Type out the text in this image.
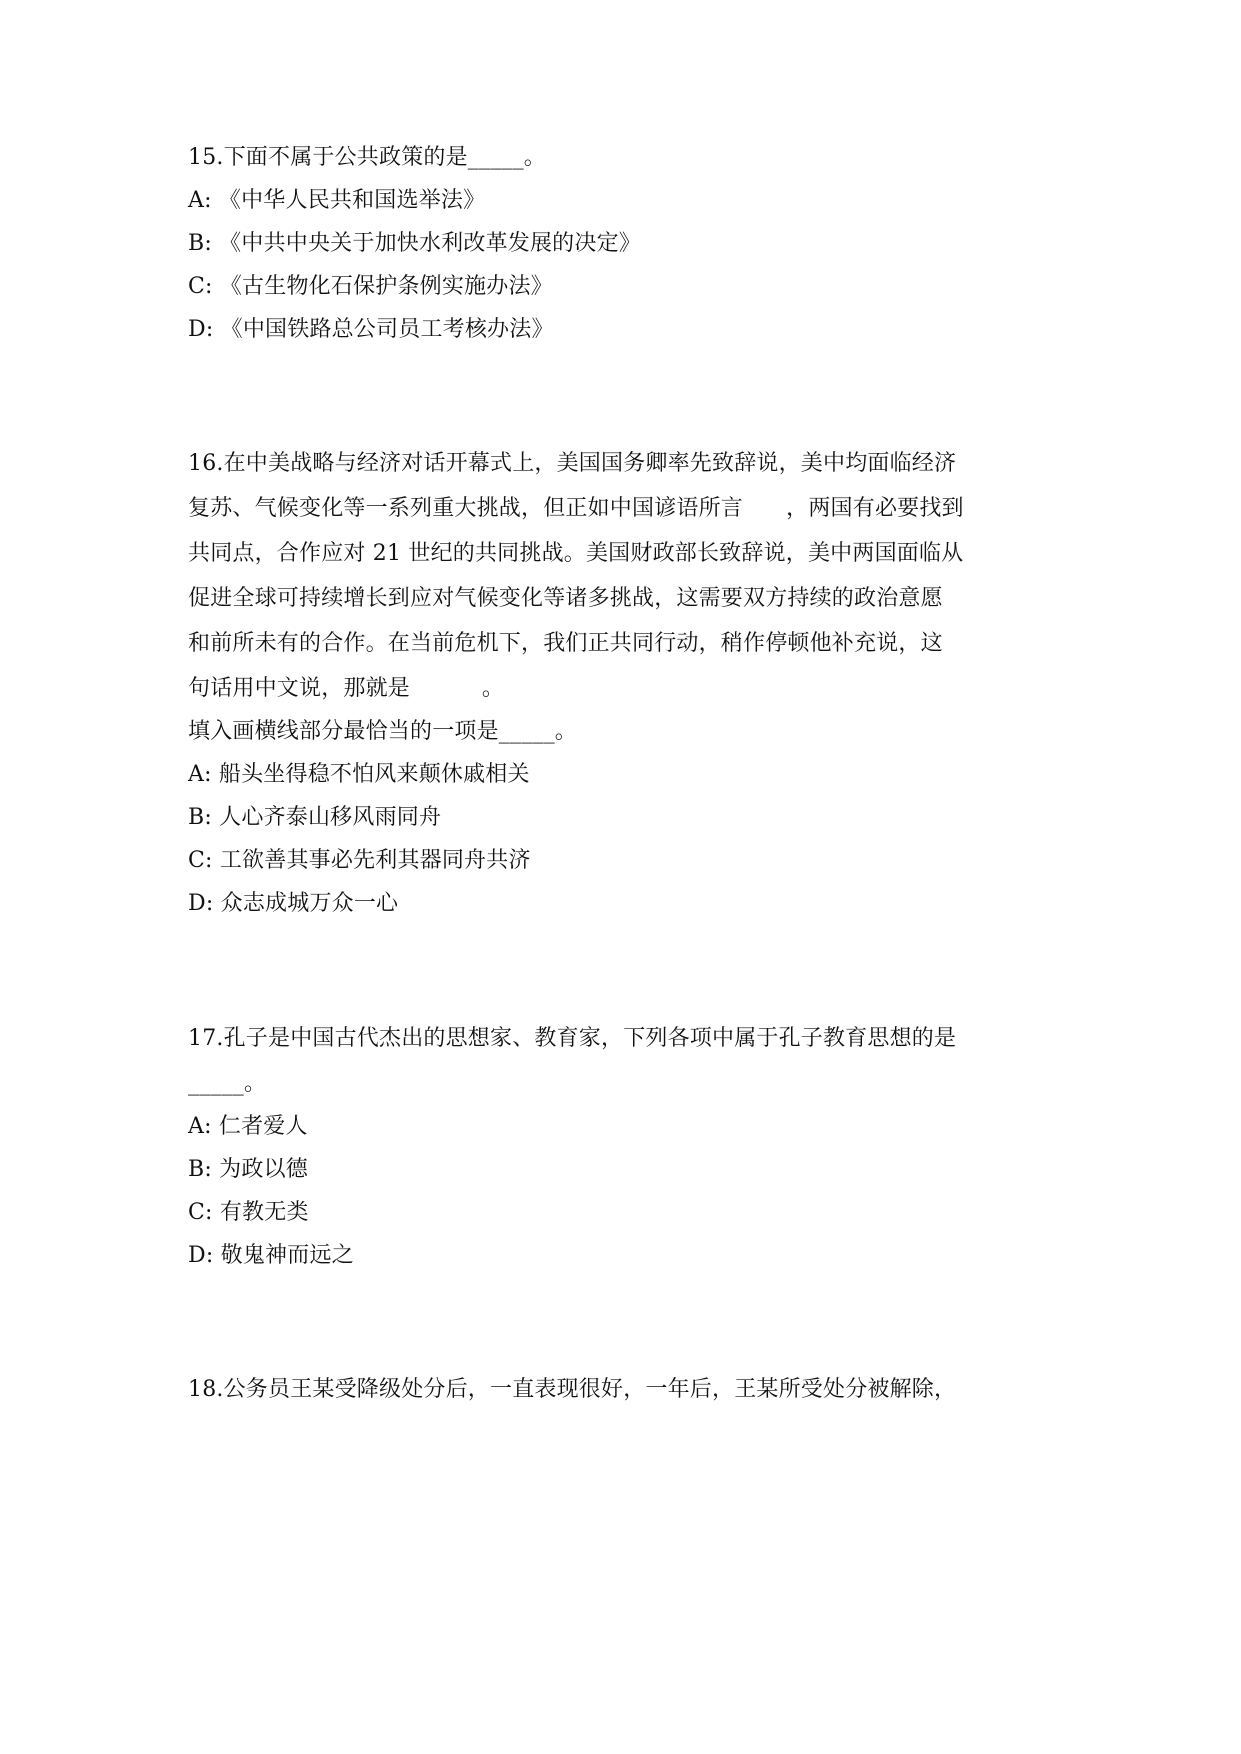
15.下面不属于公共政策的是_____。
A: 《中华人民共和国选举法》
B: 《中共中央关于加快水利改革发展的决定》
C: 《古生物化石保护条例实施办法》
D: 《中国铁路总公司员工考核办法》
16.在中美战略与经济对话开幕式上，美国国务卿率先致辞说，美中均面临经济
复苏、气候变化等一系列重大挑战，但正如中国谚语所言      ，两国有必要找到
共同点，合作应对 21 世纪的共同挑战。美国财政部长致辞说，美中两国面临从
促进全球可持续增长到应对气候变化等诸多挑战，这需要双方持续的政治意愿
和前所未有的合作。在当前危机下，我们正共同行动，稍作停顿他补充说，这
句话用中文说，那就是          。
填入画横线部分最恰当的一项是_____。
A: 船头坐得稳不怕风来颠休戚相关
B: 人心齐泰山移风雨同舟
C: 工欲善其事必先利其器同舟共济
D: 众志成城万众一心
17.孔子是中国古代杰出的思想家、教育家，下列各项中属于孔子教育思想的是
_____。
A: 仁者爱人
B: 为政以德
C: 有教无类
D: 敬鬼神而远之
18.公务员王某受降级处分后，一直表现很好，一年后，王某所受处分被解除，
